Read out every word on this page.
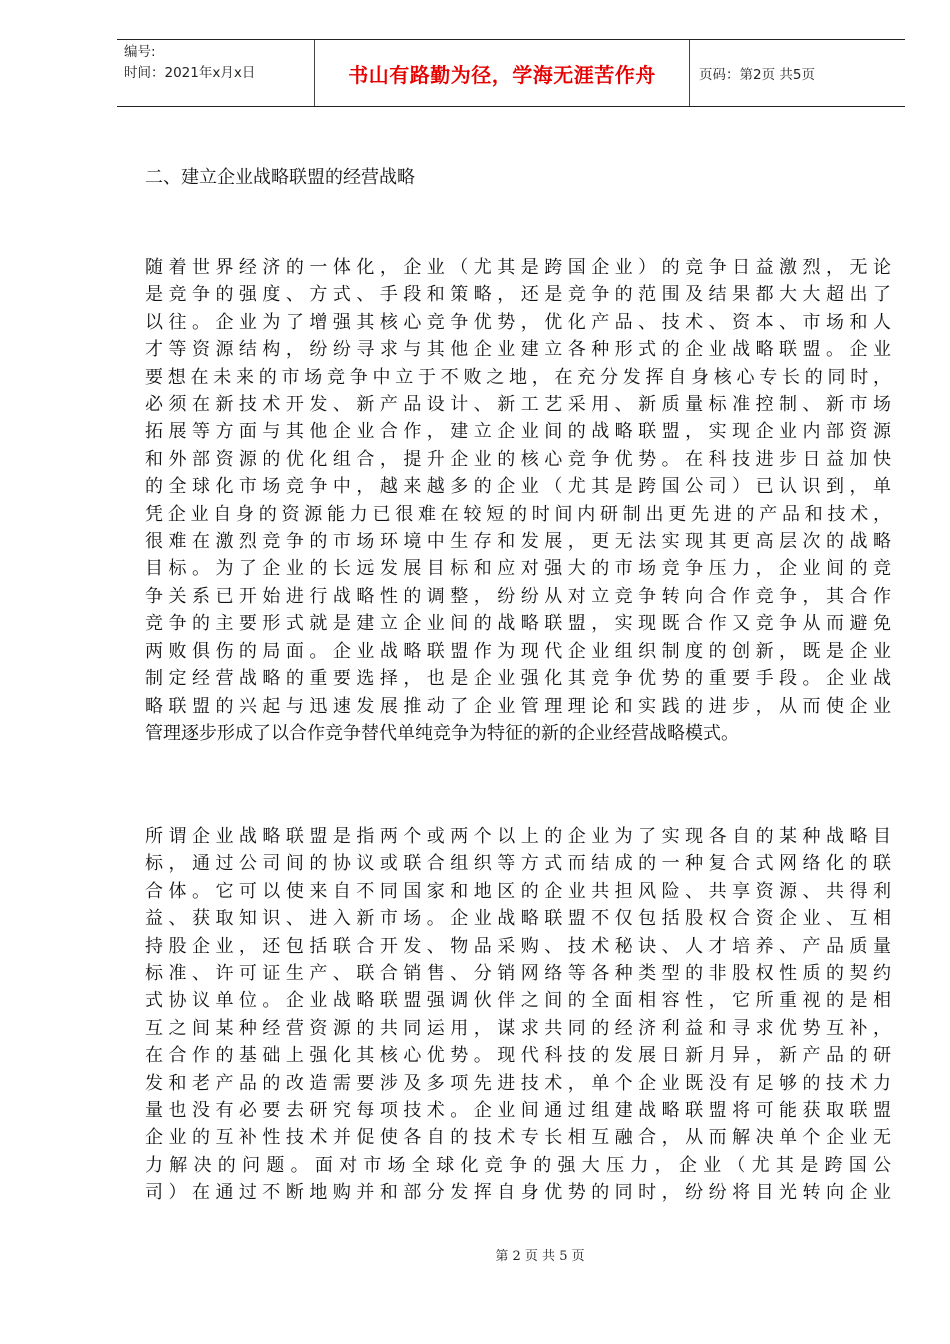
编号:
时间：2021年x月x日	书山有路勤为径，学海无涯苦作舟	页码：第2页 共5页
二、建立企业战略联盟的经营战略
随着世界经济的一体化，企业（尤其是跨国企业）的竞争日益激烈，无论
是竞争的强度、方式、手段和策略，还是竞争的范围及结果都大大超出了
以往。企业为了增强其核心竞争优势，优化产品、技术、资本、市场和人
才等资源结构，纷纷寻求与其他企业建立各种形式的企业战略联盟。企业
要想在未来的市场竞争中立于不败之地，在充分发挥自身核心专长的同时，
必须在新技术开发、新产品设计、新工艺采用、新质量标准控制、新市场
拓展等方面与其他企业合作，建立企业间的战略联盟，实现企业内部资源
和外部资源的优化组合，提升企业的核心竞争优势。在科技进步日益加快
的全球化市场竞争中，越来越多的企业（尤其是跨国公司）已认识到，单
凭企业自身的资源能力已很难在较短的时间内研制出更先进的产品和技术，
很难在激烈竞争的市场环境中生存和发展，更无法实现其更高层次的战略
目标。为了企业的长远发展目标和应对强大的市场竞争压力，企业间的竞
争关系已开始进行战略性的调整，纷纷从对立竞争转向合作竞争，其合作
竞争的主要形式就是建立企业间的战略联盟，实现既合作又竞争从而避免
两败俱伤的局面。企业战略联盟作为现代企业组织制度的创新，既是企业
制定经营战略的重要选择，也是企业强化其竞争优势的重要手段。企业战
略联盟的兴起与迅速发展推动了企业管理理论和实践的进步，从而使企业
管理逐步形成了以合作竞争替代单纯竞争为特征的新的企业经营战略模式。
所谓企业战略联盟是指两个或两个以上的企业为了实现各自的某种战略目
标，通过公司间的协议或联合组织等方式而结成的一种复合式网络化的联
合体。它可以使来自不同国家和地区的企业共担风险、共享资源、共得利
益、获取知识、进入新市场。企业战略联盟不仅包括股权合资企业、互相
持股企业，还包括联合开发、物品采购、技术秘诀、人才培养、产品质量
标准、许可证生产、联合销售、分销网络等各种类型的非股权性质的契约
式协议单位。企业战略联盟强调伙伴之间的全面相容性，它所重视的是相
互之间某种经营资源的共同运用，谋求共同的经济利益和寻求优势互补，
在合作的基础上强化其核心优势。现代科技的发展日新月异，新产品的研
发和老产品的改造需要涉及多项先进技术，单个企业既没有足够的技术力
量也没有必要去研究每项技术。企业间通过组建战略联盟将可能获取联盟
企业的互补性技术并促使各自的技术专长相互融合，从而解决单个企业无
力解决的问题。面对市场全球化竞争的强大压力，企业（尤其是跨国公
司）在通过不断地购并和部分发挥自身优势的同时，纷纷将目光转向企业
第 2 页 共 5 页
